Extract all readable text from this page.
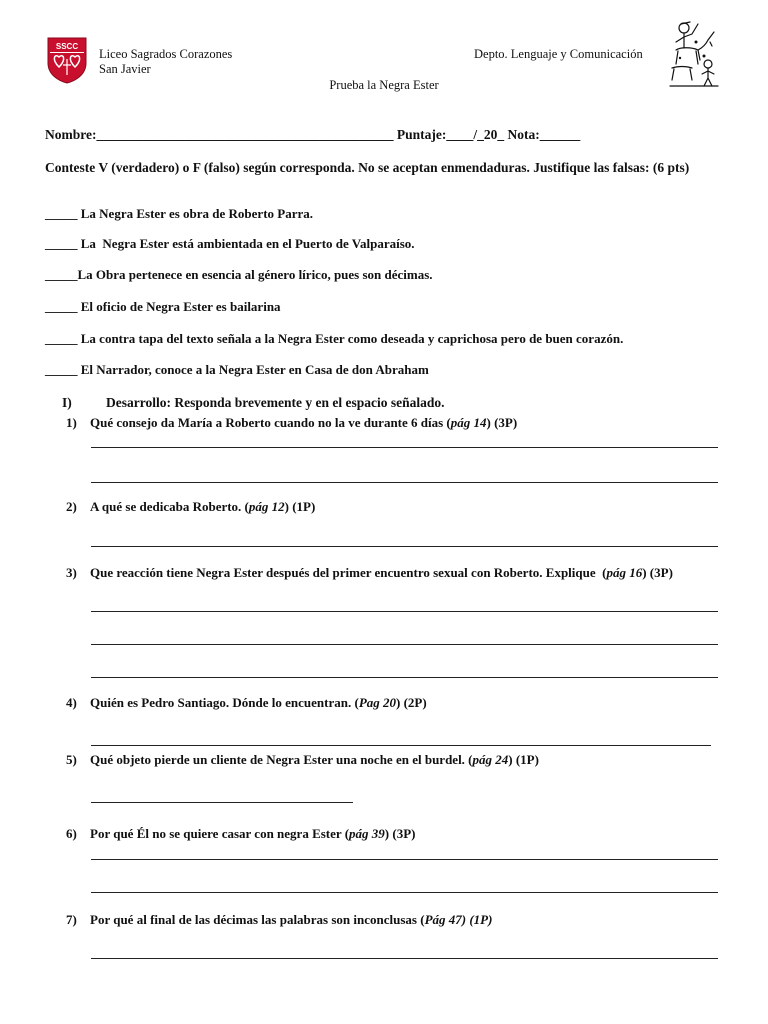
SSCC
Liceo Sagrados Corazones
San Javier
Depto. Lenguaje y Comunicación
Prueba la Negra Ester
Nombre:____________________________________________ Puntaje:____/_20_ Nota:______
Conteste V (verdadero) o F (falso) según corresponda. No se aceptan enmendaduras. Justifique las falsas: (6 pts)
_____ La Negra Ester es obra de Roberto Parra.
_____ La  Negra Ester está ambientada en el Puerto de Valparaíso.
_____La Obra pertenece en esencia al género lírico, pues son décimas.
_____ El oficio de Negra Ester es bailarina
_____ La contra tapa del texto señala a la Negra Ester como deseada y caprichosa pero de buen corazón.
_____ El Narrador, conoce a la Negra Ester en Casa de don Abraham
I)	Desarrollo: Responda brevemente y en el espacio señalado.
1) Qué consejo da María a Roberto cuando no la ve durante 6 días (pág 14) (3P)
2) A qué se dedicaba Roberto. (pág 12) (1P)
3) Que reacción tiene Negra Ester después del primer encuentro sexual con Roberto. Explique  (pág 16) (3P)
4) Quién es Pedro Santiago. Dónde lo encuentran. (Pag 20) (2P)
5) Qué objeto pierde un cliente de Negra Ester una noche en el burdel. (pág 24) (1P)
6) Por qué Él no se quiere casar con negra Ester (pág 39) (3P)
7) Por qué al final de las décimas las palabras son inconclusas (Pág 47) (1P)
